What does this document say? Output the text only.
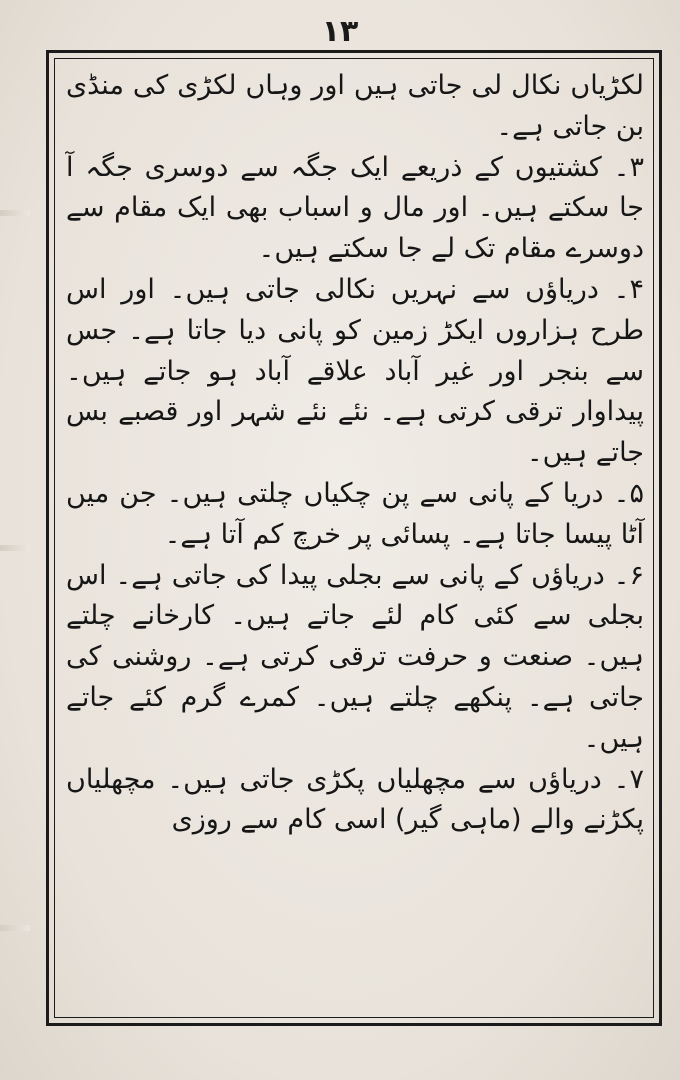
۱۳

لکڑیاں نکال لی جاتی ہیں اور وہاں لکڑی کی منڈی بن جاتی ہے۔

۳۔ کشتیوں کے ذریعے ایک جگہ سے دوسری جگہ آ جا سکتے ہیں۔ اور مال و اسباب بھی ایک مقام سے دوسرے مقام تک لے جا سکتے ہیں۔

۴۔ دریاؤں سے نہریں نکالی جاتی ہیں۔ اور اس طرح ہزاروں ایکڑ زمین کو پانی دیا جاتا ہے۔ جس سے بنجر اور غیر آباد علاقے آباد ہو جاتے ہیں۔ پیداوار ترقی کرتی ہے۔ نئے نئے شہر اور قصبے بس جاتے ہیں۔

۵۔ دریا کے پانی سے پن چکیاں چلتی ہیں۔ جن میں آٹا پیسا جاتا ہے۔ پسائی پر خرچ کم آتا ہے۔

۶۔ دریاؤں کے پانی سے بجلی پیدا کی جاتی ہے۔ اس بجلی سے کئی کام لئے جاتے ہیں۔ کارخانے چلتے ہیں۔ صنعت و حرفت ترقی کرتی ہے۔ روشنی کی جاتی ہے۔ پنکھے چلتے ہیں۔ کمرے گرم کئے جاتے ہیں۔

۷۔ دریاؤں سے مچھلیاں پکڑی جاتی ہیں۔ مچھلیاں پکڑنے والے (ماہی گیر) اسی کام سے روزی
